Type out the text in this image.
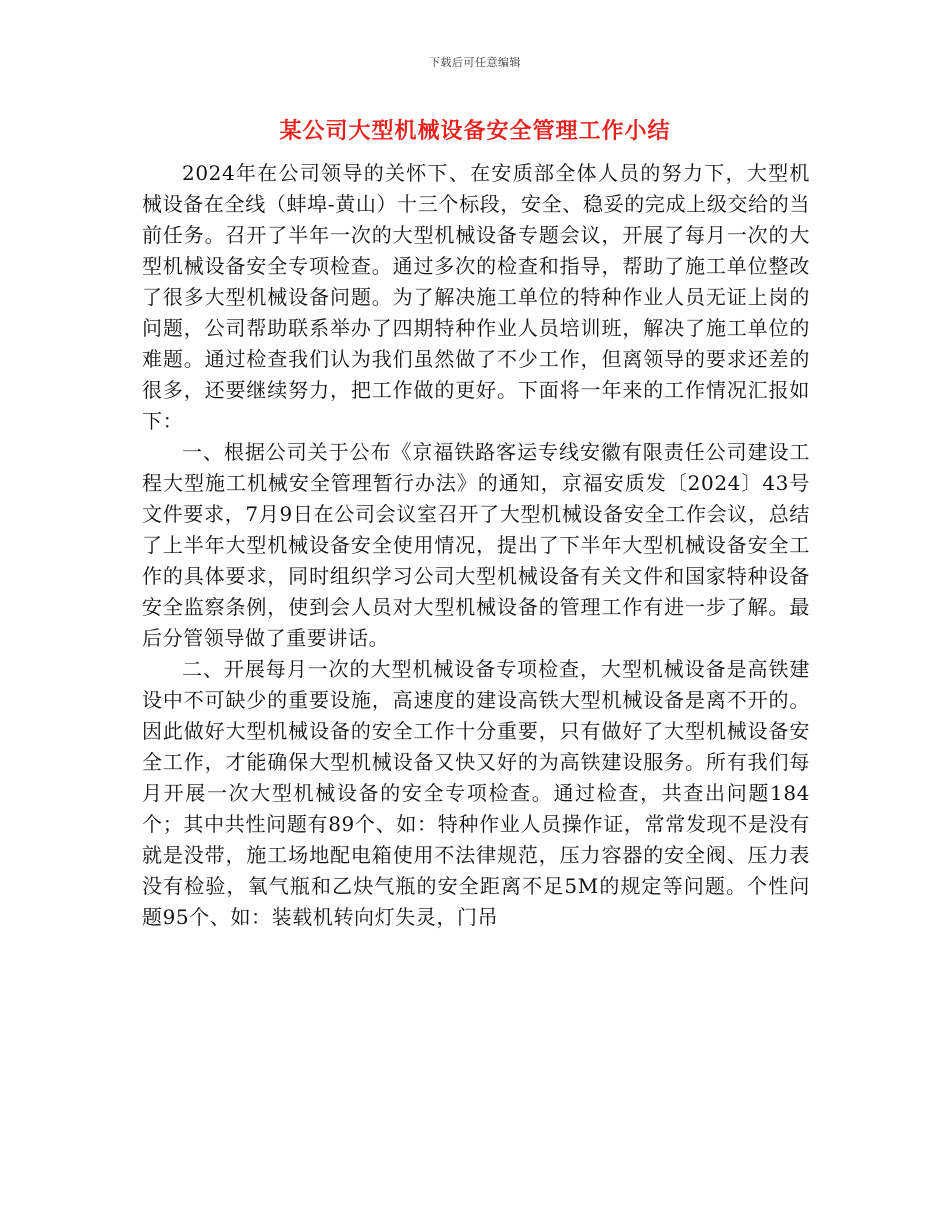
下载后可任意编辑
某公司大型机械设备安全管理工作小结

2024年在公司领导的关怀下、在安质部全体人员的努力下，大型机械设备在全线（蚌埠-黄山）十三个标段，安全、稳妥的完成上级交给的当前任务。召开了半年一次的大型机械设备专题会议，开展了每月一次的大型机械设备安全专项检查。通过多次的检查和指导，帮助了施工单位整改了很多大型机械设备问题。为了解决施工单位的特种作业人员无证上岗的问题，公司帮助联系举办了四期特种作业人员培训班，解决了施工单位的难题。通过检查我们认为我们虽然做了不少工作，但离领导的要求还差的很多，还要继续努力，把工作做的更好。下面将一年来的工作情况汇报如下：

一、根据公司关于公布《京福铁路客运专线安徽有限责任公司建设工程大型施工机械安全管理暂行办法》的通知，京福安质发〔2024〕43号文件要求，7月9日在公司会议室召开了大型机械设备安全工作会议，总结了上半年大型机械设备安全使用情况，提出了下半年大型机械设备安全工作的具体要求，同时组织学习公司大型机械设备有关文件和国家特种设备安全监察条例，使到会人员对大型机械设备的管理工作有进一步了解。最后分管领导做了重要讲话。

二、开展每月一次的大型机械设备专项检查，大型机械设备是高铁建设中不可缺少的重要设施，高速度的建设高铁大型机械设备是离不开的。因此做好大型机械设备的安全工作十分重要，只有做好了大型机械设备安全工作，才能确保大型机械设备又快又好的为高铁建设服务。所有我们每月开展一次大型机械设备的安全专项检查。通过检查，共查出问题184个；其中共性问题有89个、如：特种作业人员操作证，常常发现不是没有就是没带，施工场地配电箱使用不法律规范，压力容器的安全阀、压力表没有检验，氧气瓶和乙炔气瓶的安全距离不足5M的规定等问题。个性问题95个、如：装载机转向灯失灵，门吊
